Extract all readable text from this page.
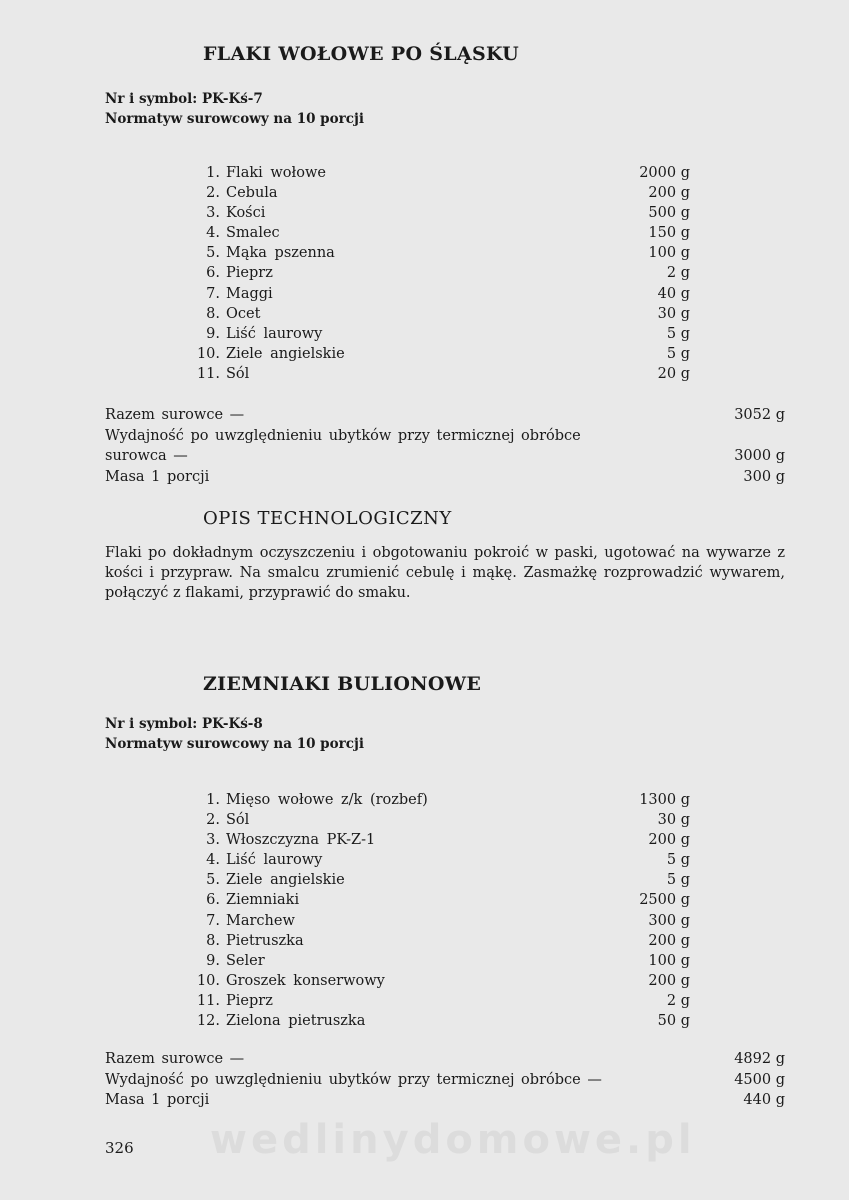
FLAKI WOŁOWE PO ŚLĄSKU
Nr i symbol: PK-Kś-7
Normatyw surowcowy na 10 porcji
1. Flaki wołowe	2000 g
2. Cebula	200 g
3. Kości	500 g
4. Smalec	150 g
5. Mąka pszenna	100 g
6. Pieprz	2 g
7. Maggi	40 g
8. Ocet	30 g
9. Liść laurowy	5 g
10. Ziele angielskie	5 g
11. Sól	20 g
Razem surowce —	3052 g
Wydajność po uwzględnieniu ubytków przy termicznej obróbce
surowca —	3000 g
Masa 1 porcji	300 g
OPIS TECHNOLOGICZNY
Flaki po dokładnym oczyszczeniu i obgotowaniu pokroić w paski, ugotować na wywarze z kości i przypraw. Na smalcu zrumienić cebulę i mąkę. Zasmażkę rozprowadzić wywarem, połączyć z flakami, przyprawić do smaku.
ZIEMNIAKI BULIONOWE
Nr i symbol: PK-Kś-8
Normatyw surowcowy na 10 porcji
1. Mięso wołowe z/k (rozbef)	1300 g
2. Sól	30 g
3. Włoszczyzna PK-Z-1	200 g
4. Liść laurowy	5 g
5. Ziele angielskie	5 g
6. Ziemniaki	2500 g
7. Marchew	300 g
8. Pietruszka	200 g
9. Seler	100 g
10. Groszek konserwowy	200 g
11. Pieprz	2 g
12. Zielona pietruszka	50 g
Razem surowce —	4892 g
Wydajność po uwzględnieniu ubytków przy termicznej obróbce —	4500 g
Masa 1 porcji	440 g
wedlinydomowe.pl
326
